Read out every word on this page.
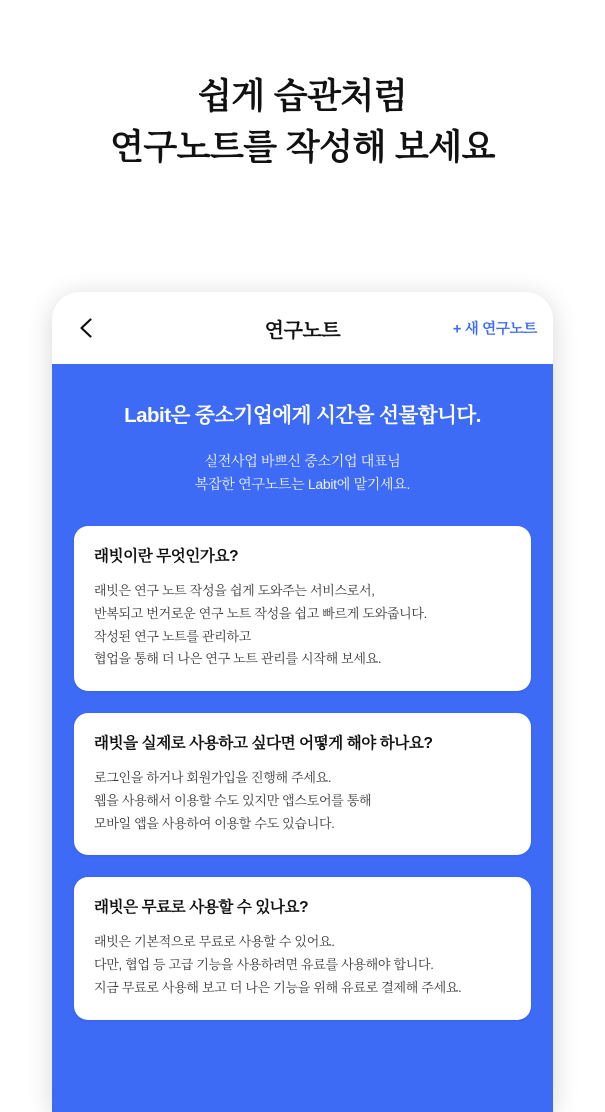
쉽게 습관처럼
연구노트를 작성해 보세요
연구노트	+ 새 연구노트
Labit은 중소기업에게 시간을 선물합니다.
실전사업 바쁘신 중소기업 대표님
복잡한 연구노트는 Labit에 맡기세요.
래빗이란 무엇인가요?
래빗은 연구 노트 작성을 쉽게 도와주는 서비스로서,
반복되고 번거로운 연구 노트 작성을 쉽고 빠르게 도와줍니다.
작성된 연구 노트를 관리하고
협업을 통해 더 나은 연구 노트 관리를 시작해 보세요.
래빗을 실제로 사용하고 싶다면 어떻게 해야 하나요?
로그인을 하거나 회원가입을 진행해 주세요.
웹을 사용해서 이용할 수도 있지만 앱스토어를 통해
모바일 앱을 사용하여 이용할 수도 있습니다.
래빗은 무료로 사용할 수 있나요?
래빗은 기본적으로 무료로 사용할 수 있어요.
다만, 협업 등 고급 기능을 사용하려면 유료를 사용해야 합니다.
지금 무료로 사용해 보고 더 나은 기능을 위해 유료로 결제해 주세요.
